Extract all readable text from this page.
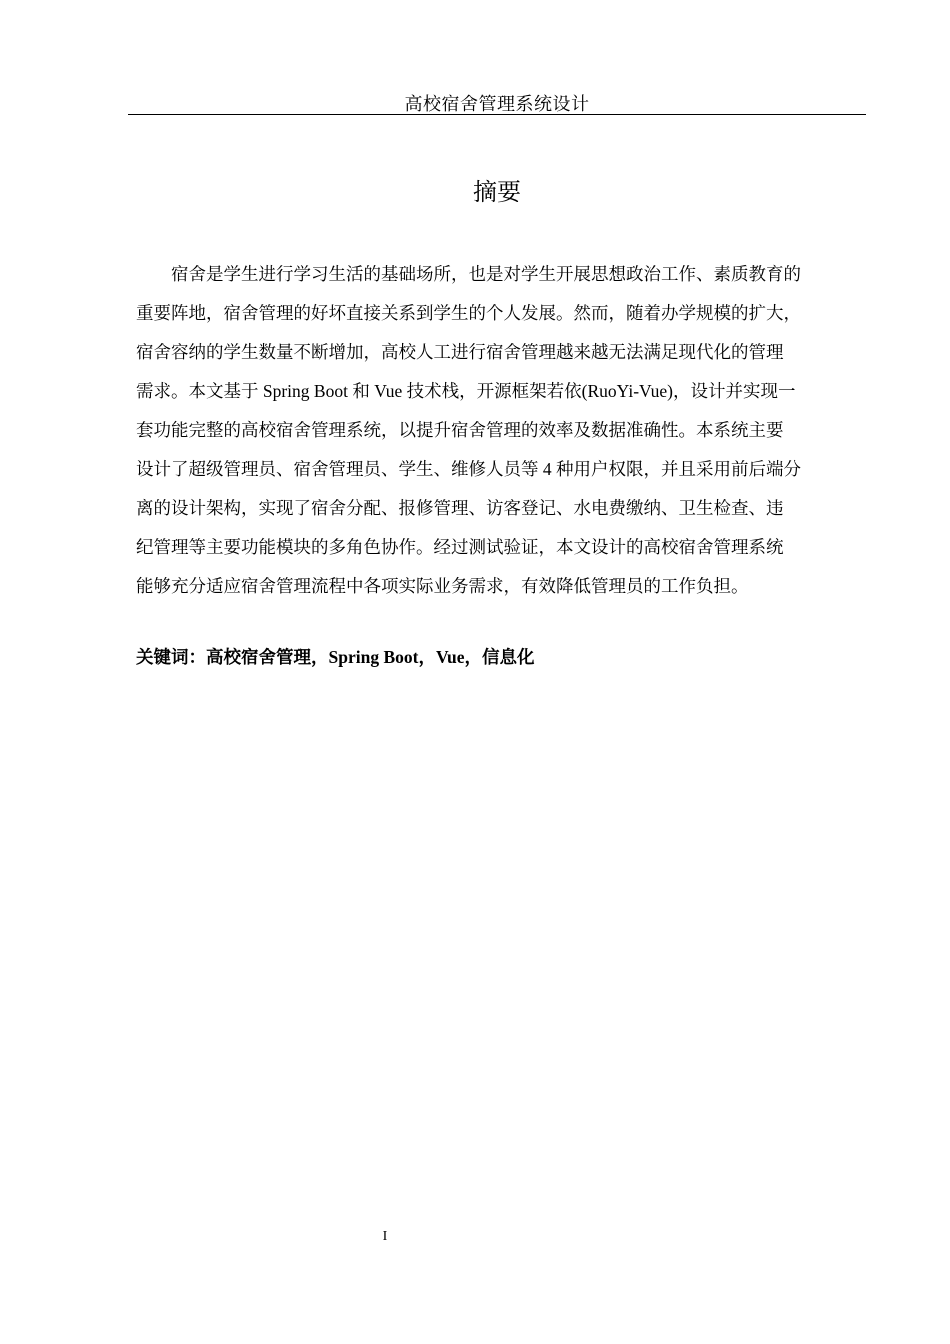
高校宿舍管理系统设计
摘要
　　宿舍是学生进行学习生活的基础场所，也是对学生开展思想政治工作、素质教育的
重要阵地，宿舍管理的好坏直接关系到学生的个人发展。然而，随着办学规模的扩大，
宿舍容纳的学生数量不断增加，高校人工进行宿舍管理越来越无法满足现代化的管理
需求。本文基于 Spring Boot 和 Vue 技术栈，开源框架若依(RuoYi-Vue)，设计并实现一
套功能完整的高校宿舍管理系统，以提升宿舍管理的效率及数据准确性。本系统主要
设计了超级管理员、宿舍管理员、学生、维修人员等 4 种用户权限，并且采用前后端分
离的设计架构，实现了宿舍分配、报修管理、访客登记、水电费缴纳、卫生检查、违
纪管理等主要功能模块的多角色协作。经过测试验证，本文设计的高校宿舍管理系统
能够充分适应宿舍管理流程中各项实际业务需求，有效降低管理员的工作负担。
关键词：高校宿舍管理，Spring Boot，Vue，信息化
I
